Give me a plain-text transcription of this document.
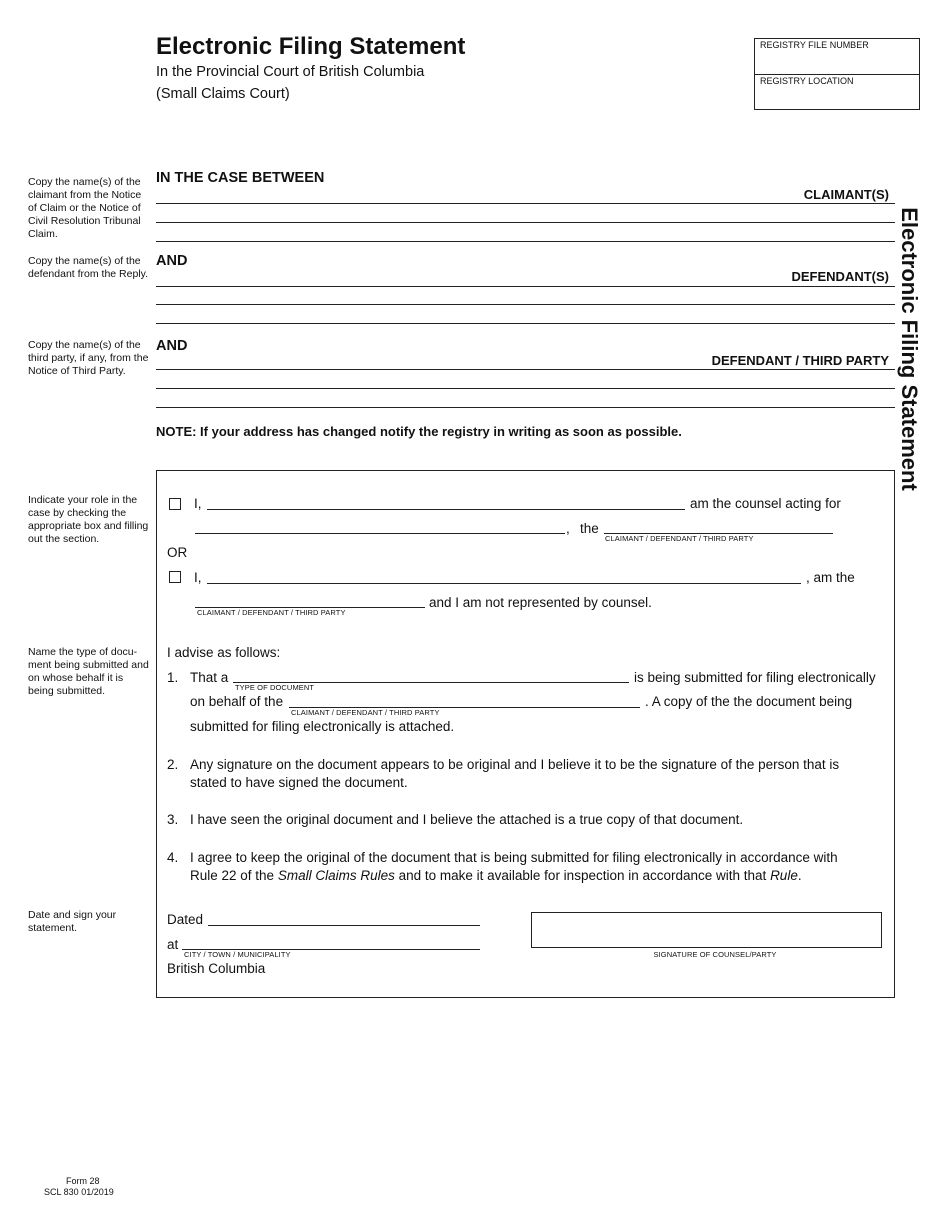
Electronic Filing Statement
In the Provincial Court of British Columbia
(Small Claims Court)
REGISTRY FILE NUMBER
REGISTRY LOCATION
Electronic Filing Statement
Copy the name(s) of the claimant from the Notice of Claim or the Notice of Civil Resolution Tribunal Claim.
Copy the name(s) of the defendant from the Reply.
Copy the name(s) of the third party, if any, from the Notice of Third Party.
Indicate your role in the case by checking the appropriate box and filling out the section.
Name the type of docu-ment being submitted and on whose behalf it is being submitted.
Date and sign your statement.
IN THE CASE BETWEEN
CLAIMANT(S)
AND
DEFENDANT(S)
AND
DEFENDANT / THIRD PARTY
NOTE: If your address has changed notify the registry in writing as soon as possible.
I,	am the counsel acting for
, the
CLAIMANT / DEFENDANT / THIRD PARTY
OR
I,	, am the
CLAIMANT / DEFENDANT / THIRD PARTY
and I am not represented by counsel.
I advise as follows:
1. That a
TYPE OF DOCUMENT
is being submitted for filing electronically
on behalf of the
CLAIMANT / DEFENDANT / THIRD PARTY
. A copy of the the document being
submitted for filing electronically is attached.
2. Any signature on the document appears to be original and I believe it to be the signature of the person that is
stated to have signed the document.
3. I have seen the original document and I believe the attached is a true copy of that document.
4. I agree to keep the original of the document that is being submitted for filing electronically in accordance with
Rule 22 of the Small Claims Rules and to make it available for inspection in accordance with that Rule.
Dated
at
CITY / TOWN / MUNICIPALITY
British Columbia
SIGNATURE OF COUNSEL/PARTY
Form 28
SCL 830 01/2019
